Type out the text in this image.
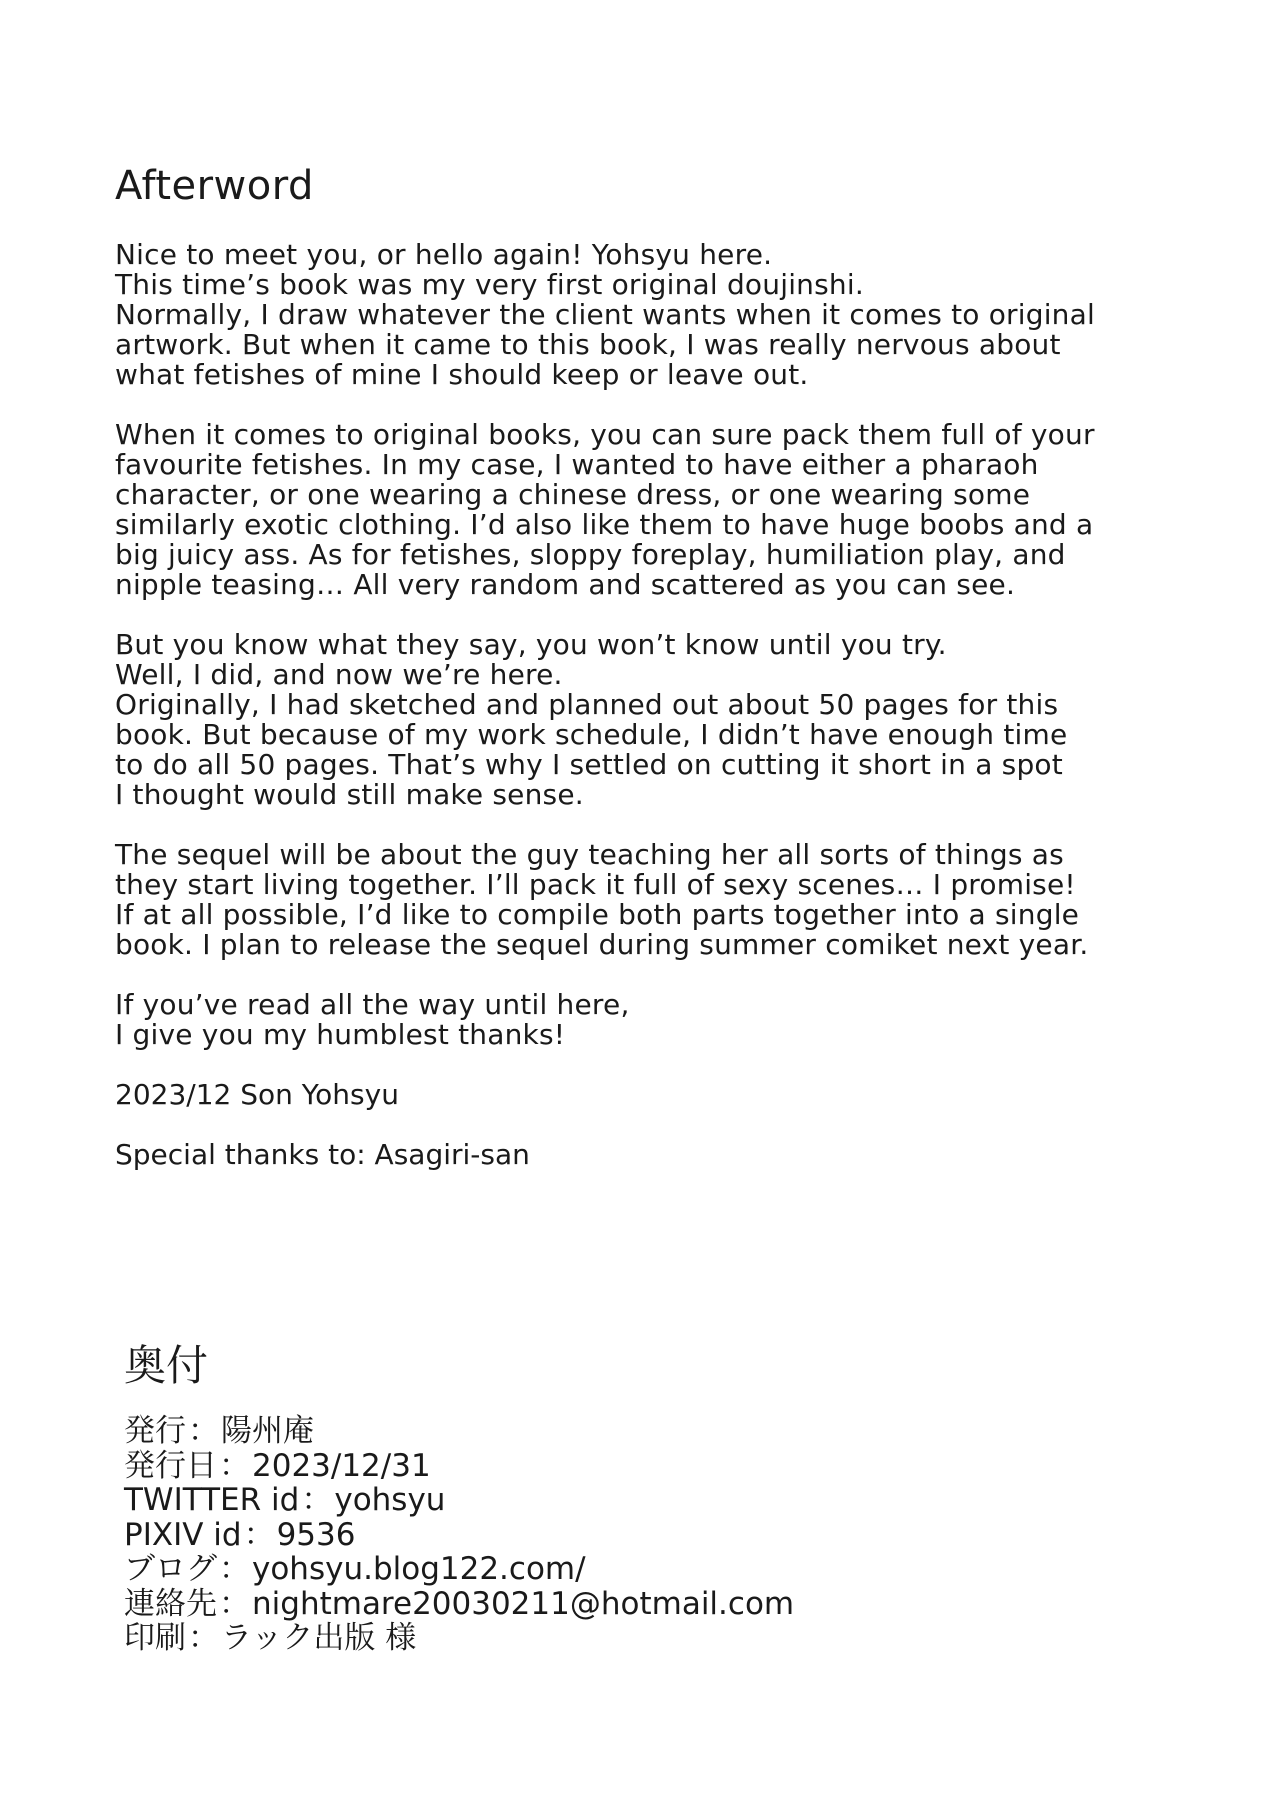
Afterword
Nice to meet you, or hello again! Yohsyu here.
This time’s book was my very first original doujinshi.
Normally, I draw whatever the client wants when it comes to original
artwork. But when it came to this book, I was really nervous about
what fetishes of mine I should keep or leave out.
When it comes to original books, you can sure pack them full of your
favourite fetishes. In my case, I wanted to have either a pharaoh
character, or one wearing a chinese dress, or one wearing some
similarly exotic clothing. I’d also like them to have huge boobs and a
big juicy ass. As for fetishes, sloppy foreplay, humiliation play, and
nipple teasing… All very random and scattered as you can see.
But you know what they say, you won’t know until you try.
Well, I did, and now we’re here.
Originally, I had sketched and planned out about 50 pages for this
book. But because of my work schedule, I didn’t have enough time
to do all 50 pages. That’s why I settled on cutting it short in a spot
I thought would still make sense.
The sequel will be about the guy teaching her all sorts of things as
they start living together. I’ll pack it full of sexy scenes… I promise!
If at all possible, I’d like to compile both parts together into a single
book. I plan to release the sequel during summer comiket next year.
If you’ve read all the way until here,
I give you my humblest thanks!
2023/12 Son Yohsyu
Special thanks to: Asagiri-san
奥付
発行：陽州庵
発行日：2023/12/31
TWITTER id：yohsyu
PIXIV id：9536
ブログ：yohsyu.blog122.com/
連絡先：nightmare20030211@hotmail.com
印刷：ラック出版 様
